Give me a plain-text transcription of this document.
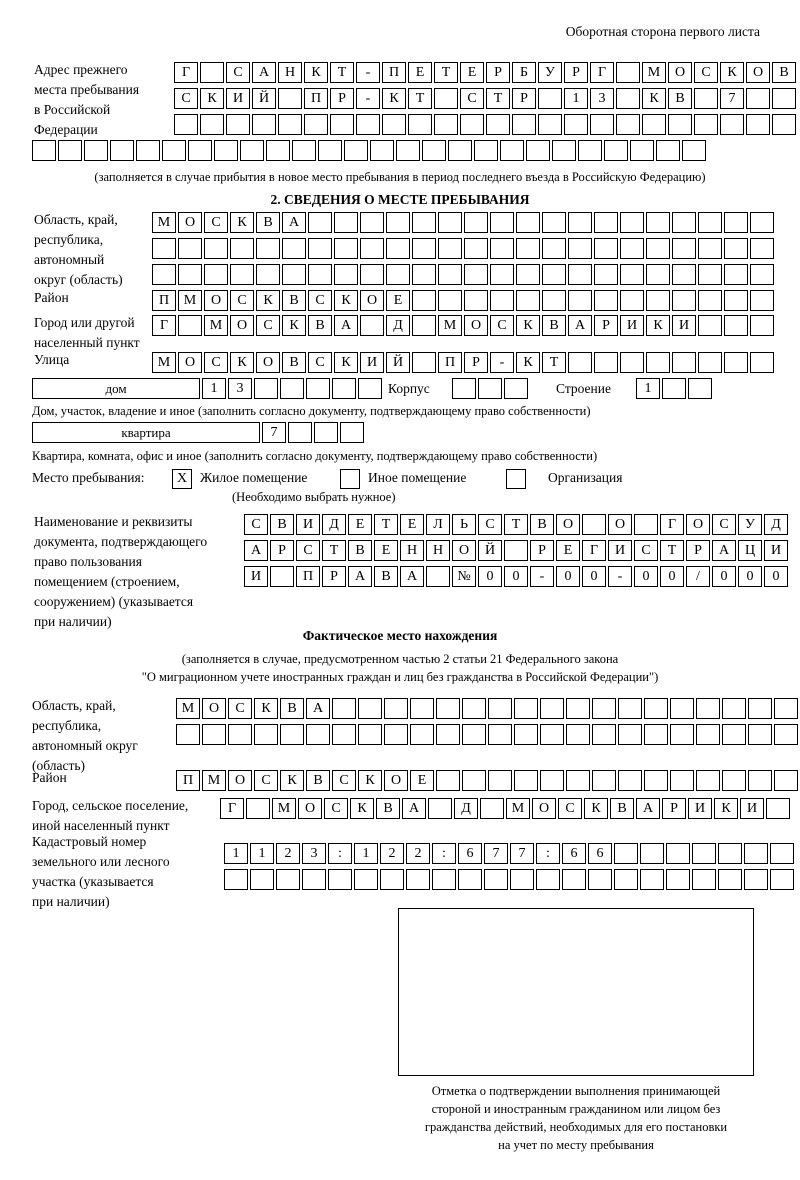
Оборотная сторона первого листа
Адрес прежнего
места пребывания
в Российской
Федерации
Г	С	А	Н	К	Т	-	П	Е	Т	Е	Р	Б	У	Р	Г	М	О	С	К	О	В
С	К	И	Й	П	Р	-	К	Т	С	Т	Р	1	3	К	В	7
(заполняется в случае прибытия в новое место пребывания в период последнего въезда в Российскую Федерацию)
2. СВЕДЕНИЯ О МЕСТЕ ПРЕБЫВАНИЯ
Область, край,
республика,
автономный
округ (область)
М	О	С	К	В	А
Район	П	М	О	С	К	В	С	К	О	Е
Город или другой
населенный пункт
Г	М	О	С	К	В	А	Д	М	О	С	К	В	А	Р	И	К	И
Улица	М	О	С	К	О	В	С	К	И	Й	П	Р	-	К	Т
дом	1	3	Корпус	Строение	1
Дом, участок, владение и иное (заполнить согласно документу, подтверждающему право собственности)
квартира	7
Квартира, комната, офис и иное (заполнить согласно документу, подтверждающему право собственности)
Место пребывания:	X Жилое помещение	Иное помещение	Организация
(Необходимо выбрать нужное)
Наименование и реквизиты
документа, подтверждающего
право пользования
помещением (строением,
сооружением) (указывается
при наличии)
С	В	И	Д	Е	Т	Е	Л	Ь	С	Т	В	О	О	Г	О	С	У	Д
А	Р	С	Т	В	Е	Н	Н	О	Й	Р	Е	Г	И	С	Т	Р	А	Ц	И
И	П	Р	А	В	А	№	0	0	-	0	0	-	0	0	/	0	0	0
Фактическое место нахождения
(заполняется в случае, предусмотренном частью 2 статьи 21 Федерального закона
"О миграционном учете иностранных граждан и лиц без гражданства в Российской Федерации")
Область, край,
республика,
автономный округ
(область)
М	О	С	К	В	А
Район	П	М	О	С	К	В	С	К	О	Е
Город, сельское поселение,
иной населенный пункт
Г	М	О	С	К	В	А	Д	М	О	С	К	В	А	Р	И	К	И
Кадастровый номер
земельного или лесного
участка (указывается
при наличии)
1	1	2	3	:	1	2	2	:	6	7	7	:	6	6
Отметка о подтверждении выполнения принимающей
стороной и иностранным гражданином или лицом без
гражданства действий, необходимых для его постановки
на учет по месту пребывания
